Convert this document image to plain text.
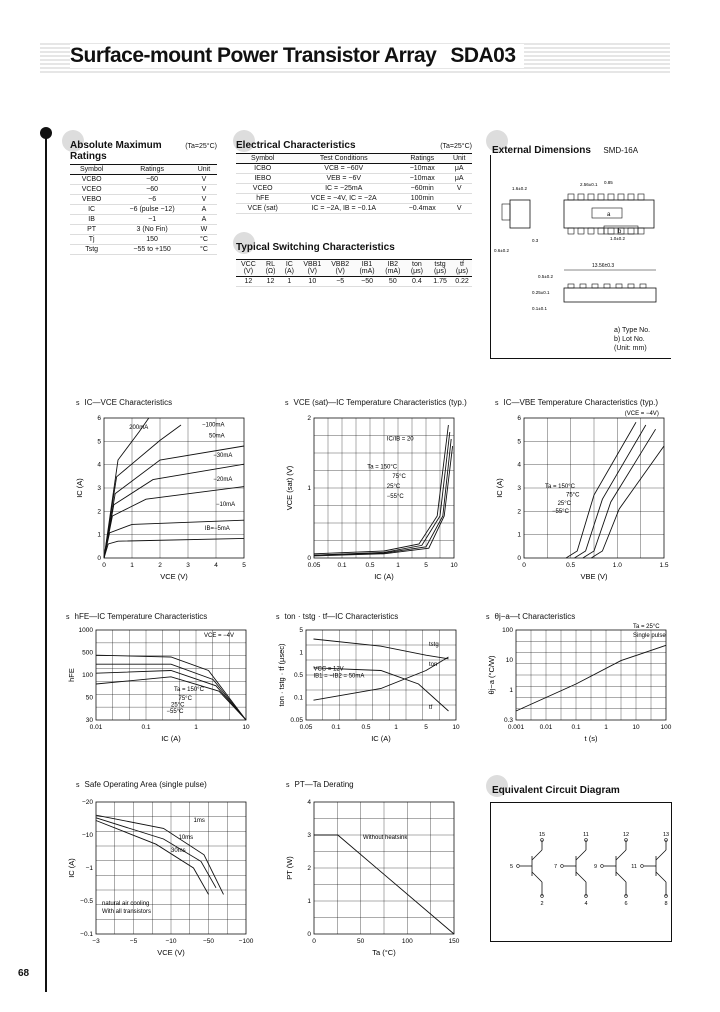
Surface-mount Power Transistor Array SDA03
Absolute Maximum Ratings
(Ta=25°C)
Symbol	Ratings	Unit
VCBO	−60	V
VCEO	−60	V
VEBO	−6	V
IC	−6 (pulse −12)	A
IB	−1	A
PT	3 (No Fin)	W
Tj	150	°C
Tstg	−55 to +150	°C
Electrical Characteristics	(Ta=25°C)
Symbol	Test Conditions	Ratings	Unit
ICBO	VCB = −60V	−10max	μA
IEBO	VEB = −6V	−10max	μA
VCEO	IC = −25mA	−60min	V
hFE	VCE = −4V, IC = −2A	100min	
VCE (sat)	IC = −2A, IB = −0.1A	−0.4max	V
Typical Switching Characteristics
VCC (V)	RL (Ω)	IC (A)	VBB1 (V)	VBB2 (V)	IB1 (mA)	IB2 (mA)	ton (μs)	tstg (μs)	tf (μs)
12	12	1	10	−5	−50	50	0.4	1.75	0.22
External Dimensions SMD-16A
a
b
1.6±0.2
2.56±0.1
0.3
0.6±0.2
13.56±0.3
1.0±0.2
0.5±0.2
0.85
0.25±0.1
0.1±0.1
a) Type No.
b) Lot No.
(Unit: mm)
s IC—VCE Characteristics	s VCE (sat)—IC Temperature Characteristics (typ.)	s IC—VBE Temperature Characteristics (typ.)
s hFE—IC Temperature Characteristics	s ton · tstg · tf—IC Characteristics	s θj−a—t Characteristics
s Safe Operating Area (single pulse)	s PT—Ta Derating
Equivalent Circuit Diagram
15
5
2
11
7
4
12
9
6
13
11
8
68
0	1	2	3	4	5
0
1
2
3
4
5
6
VCE (V)
IC (A)
200mA	−100mA
50mA
−30mA
−20mA
−10mA
IB=−5mA
0.05	0.1	0.5	1	5	10
0
1
2
IC (A)
VCE (sat) (V)
IC/IB = 20
Ta = 150°C
75°C
25°C
−55°C
0	0.5	1.0	1.5
0
1
2
3
4
5
6
VBE (V)
IC (A)
(VCE = −4V)
Ta = 150°C
75°C
25°C
−55°C
0.01	0.1	1	10
30
50
100
500
1000
IC (A)
hFE
VCE = −4V
Ta = 150°C
75°C
25°C
−55°C
0.05	0.1	0.5	1	5	10
0.05
0.1
0.5
1
5
IC (A)
ton · tstg · tf (μsec)	VCC = 12V
IB1 = −IB2 = 50mA
tstg
ton
tf
0.001 0.01	0.1	1	10	100
0.3
1
10
100
t (s)
θj−a (°C/W)
Ta = 25°C
Single pulse
−3	−5	−10	−50	−100
−0.1
−0.5
−1
−10
−20
VCE (V)
IC (A)
1ms
10ms
30ms
natural air cooling
With all transistors
0	50	100	150
0
1
2
3
4
Ta (°C)
PT (W)
Without heatsink
